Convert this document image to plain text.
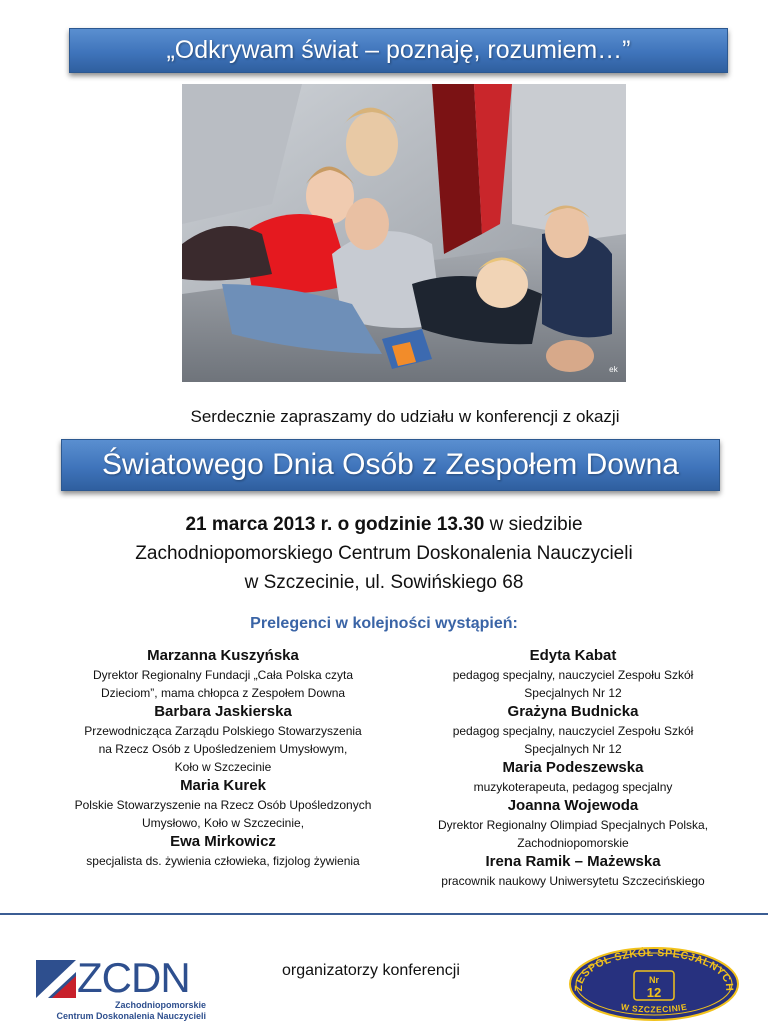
„Odkrywam świat – poznaję, rozumiem…”
ek
Serdecznie zapraszamy do udziału w konferencji z okazji
Światowego Dnia Osób z Zespołem Downa
21 marca 2013 r. o godzinie 13.30 w siedzibie
Zachodniopomorskiego Centrum Doskonalenia Nauczycieli
w Szczecinie, ul. Sowińskiego 68
Prelegenci w kolejności wystąpień:
Marzanna Kuszyńska
Dyrektor Regionalny Fundacji „Cała Polska czyta
Dzieciom”, mama chłopca z Zespołem Downa
Barbara Jaskierska
Przewodnicząca Zarządu Polskiego Stowarzyszenia
na Rzecz Osób z Upośledzeniem Umysłowym,
Koło w Szczecinie
Maria Kurek
Polskie Stowarzyszenie na Rzecz Osób Upośledzonych
Umysłowo, Koło w Szczecinie,
Ewa Mirkowicz
specjalista ds. żywienia człowieka, fizjolog żywienia
Edyta Kabat
pedagog specjalny, nauczyciel Zespołu Szkół
Specjalnych Nr 12
Grażyna Budnicka
pedagog specjalny, nauczyciel Zespołu Szkół
Specjalnych Nr 12
Maria Podeszewska
muzykoterapeuta, pedagog specjalny
Joanna Wojewoda
Dyrektor Regionalny Olimpiad Specjalnych Polska,
Zachodniopomorskie
Irena Ramik – Mażewska
pracownik naukowy Uniwersytetu Szczecińskiego
ZCDN
Zachodniopomorskie
Centrum Doskonalenia Nauczycieli
organizatorzy konferencji
ZESPÓŁ SZKÓŁ SPECJALNYCH
Nr
12
W SZCZECINIE
